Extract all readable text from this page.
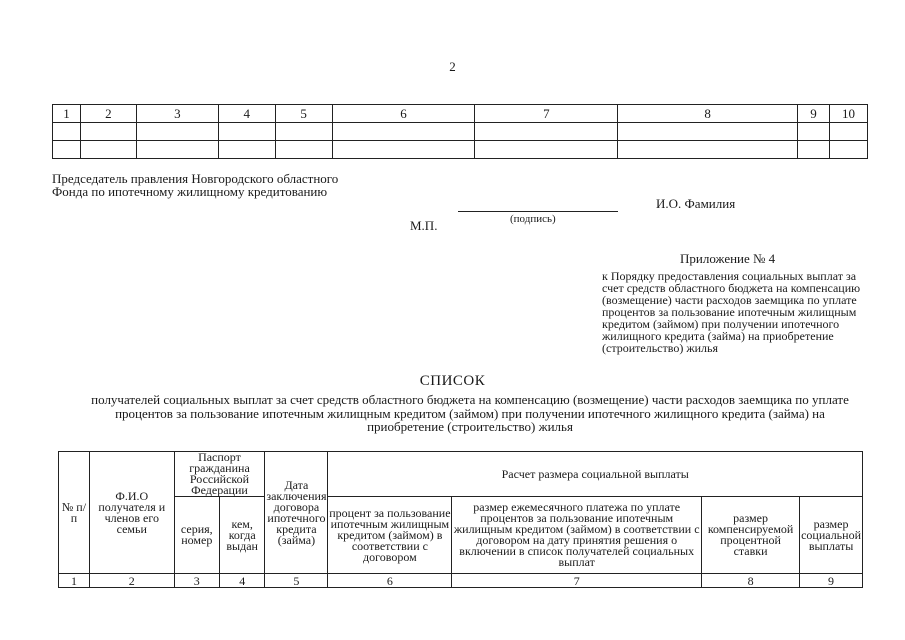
2
1	2	3	4	5	6	7	8	9	10

Председатель правления Новгородского областного Фонда по ипотечному жилищному кредитованию
И.О. Фамилия
(подпись)
М.П.
Приложение № 4
к Порядку предоставления социальных выплат за счет средств областного бюджета на компенсацию (возмещение) части расходов заемщика по уплате процентов за пользование ипотечным жилищным кредитом (займом) при получении ипотечного жилищного кредита (займа) на приобретение (строительство) жилья
СПИСОК
получателей социальных выплат за счет средств областного бюджета на компенсацию (возмещение) части расходов заемщика по уплате процентов за пользование ипотечным жилищным кредитом (займом) при получении ипотечного жилищного кредита (займа) на приобретение (строительство) жилья
№ п/п	Ф.И.О получателя и членов его семьи	Паспорт гражданина Российской Федерации		Дата заключения договора ипотечного кредита (займа)	Расчет размера социальной выплаты			
		серия, номер	кем, когда выдан		процент за пользование ипотечным жилищным кредитом (займом) в соответствии с договором	размер ежемесячного платежа по уплате процентов за пользование ипотечным жилищным кредитом (займом) в соответствии с договором на дату принятия решения о включении в список получателей социальных выплат	размер компенсируемой процентной ставки	размер социальной выплаты

1	2	3	4	5	6	7	8	9
